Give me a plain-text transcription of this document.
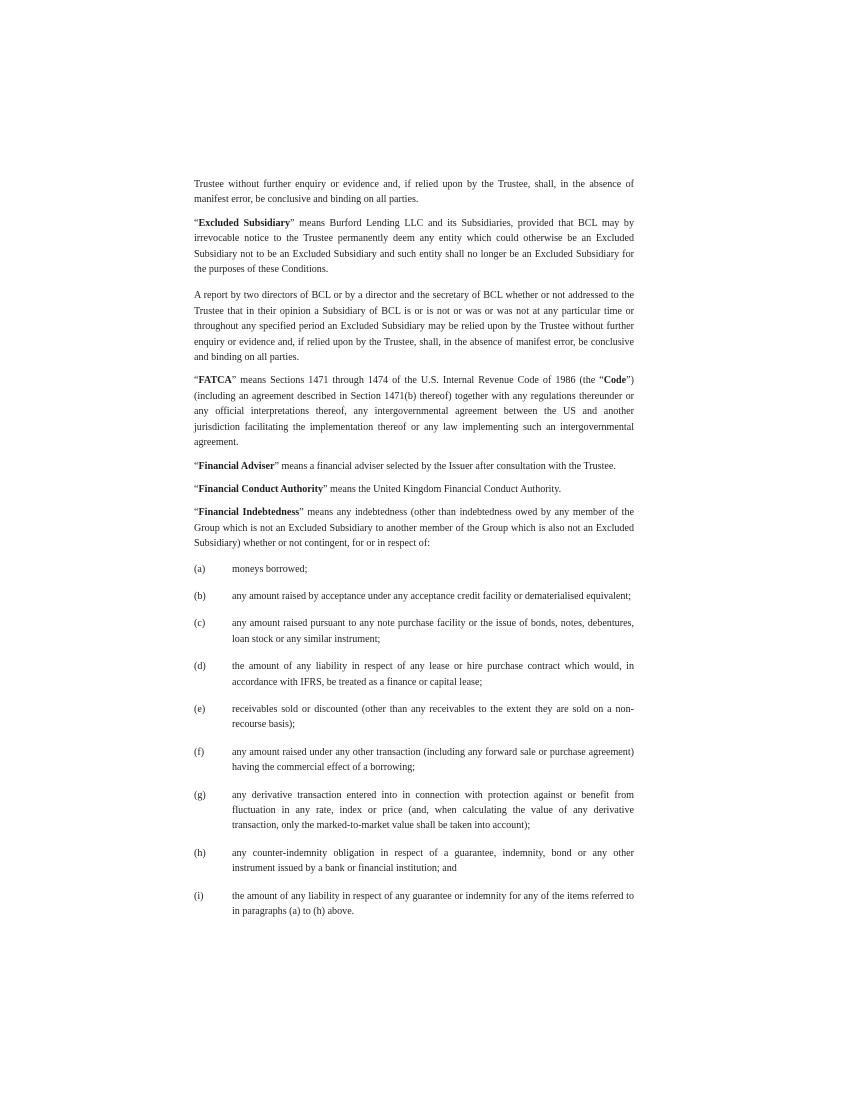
Trustee without further enquiry or evidence and, if relied upon by the Trustee, shall, in the absence of manifest error, be conclusive and binding on all parties.

“Excluded Subsidiary” means Burford Lending LLC and its Subsidiaries, provided that BCL may by irrevocable notice to the Trustee permanently deem any entity which could otherwise be an Excluded Subsidiary not to be an Excluded Subsidiary and such entity shall no longer be an Excluded Subsidiary for the purposes of these Conditions.

A report by two directors of BCL or by a director and the secretary of BCL whether or not addressed to the Trustee that in their opinion a Subsidiary of BCL is or is not or was or was not at any particular time or throughout any specified period an Excluded Subsidiary may be relied upon by the Trustee without further enquiry or evidence and, if relied upon by the Trustee, shall, in the absence of manifest error, be conclusive and binding on all parties.

“FATCA” means Sections 1471 through 1474 of the U.S. Internal Revenue Code of 1986 (the “Code”) (including an agreement described in Section 1471(b) thereof) together with any regulations thereunder or any official interpretations thereof, any intergovernmental agreement between the US and another jurisdiction facilitating the implementation thereof or any law implementing such an intergovernmental agreement.

“Financial Adviser” means a financial adviser selected by the Issuer after consultation with the Trustee.

“Financial Conduct Authority” means the United Kingdom Financial Conduct Authority.

“Financial Indebtedness” means any indebtedness (other than indebtedness owed by any member of the Group which is not an Excluded Subsidiary to another member of the Group which is also not an Excluded Subsidiary) whether or not contingent, for or in respect of:

(a)	moneys borrowed;
(b)	any amount raised by acceptance under any acceptance credit facility or dematerialised equivalent;
(c)	any amount raised pursuant to any note purchase facility or the issue of bonds, notes, debentures, loan stock or any similar instrument;
(d)	the amount of any liability in respect of any lease or hire purchase contract which would, in accordance with IFRS, be treated as a finance or capital lease;
(e)	receivables sold or discounted (other than any receivables to the extent they are sold on a non-recourse basis);
(f)	any amount raised under any other transaction (including any forward sale or purchase agreement) having the commercial effect of a borrowing;
(g)	any derivative transaction entered into in connection with protection against or benefit from fluctuation in any rate, index or price (and, when calculating the value of any derivative transaction, only the marked-to-market value shall be taken into account);
(h)	any counter-indemnity obligation in respect of a guarantee, indemnity, bond or any other instrument issued by a bank or financial institution; and
(i)	the amount of any liability in respect of any guarantee or indemnity for any of the items referred to in paragraphs (a) to (h) above.
